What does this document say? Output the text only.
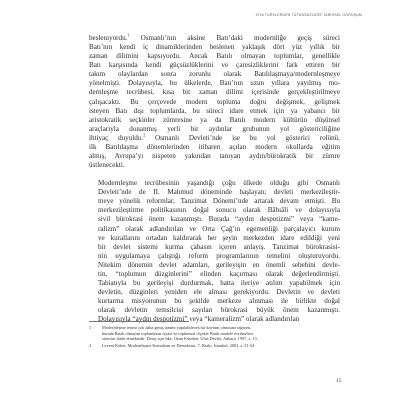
ZİYA TÜRKLERDEN TÜTÜNSÜZLÜĞE TARİHSEL GÖRÜŞÜM

beslenıyordu.$^1$ Osmanlı’nın aksine Batı’daki modernliğe geçiş süreci
Batı’nın kendi iç dinamiklerinden beslenen yaklaşık dört yüz yıllık bir
zaman dilimini kapsıyordu. Ancak Batılı olmayan toplumlar, genellikle
Batı karşısında kendi güçsüzlüklerini ve çaresizliklerini fark ettiren bir
takım olaylardan sonra zorunlu olarak Batılılaşmaya/modernleşmeye
yönelmişti. Dolayısıyla, bu ülkelerde, Batı’nın uzun yıllara yayılmış mo-
dernleşme tecrübesi, kısa bir zaman dilimi içerisinde gerçekleştirilmeye
çalışacaktı. Bu çerçevede modern topluma doğru değişmek, gelişmek
isteyen Batı dışı toplumlarda, bu süreci idare etmek için ya yabancı bir
aristokratik seçkinler zümresine ya da Batılı modern kültürün düşünsel
araçlarıyla donanmış yerli bir aydınlar grubunun yol göstericiliğine
ihtiyaç duyuldu.$^2$ Osmanlı Devleti’nde ise bu yol gösterici rolünü,
ilk Batılılaşma dönemlerinden itibaren açılan modern okullarda eğitim
almış, Avrupa’yı nispeten yakından tanıyan aydın/bürokratik bir zümre
üstlenecekti.

Modernleşme tecrübesinin yaşandığı çoğu ülkede olduğu gibi Osmanlı
Devleti’nde de II. Mahmud döneminde başlayan; devleti merkezileştir-
meye yönelik reformlar, Tanzimat Dönemi’nde artarak devam etmişti. Bu
merkezileştirme politikasının doğal sonucu olarak Bâbıâli ve dolayısıyla
sivil bürokrasi önem kazanmıştı. Burada “aydın despotizmi” veya “kame-
ralizm” olarak adlandırılan ve Orta Çağ’ın egemenliği parçalayıcı kurum
ve kurallarını ortadan kaldırarak her şeyin merkezden idare edildiği yeni
bir devlet sistemi kurma çabasın içeren anlayış. Tanzimat bürokrasisi-
nin uygulamaya çalıştığı reform programlarının temelini oluşturuyordu.
Nitekim dönemin devlet adamları, gerileyişin en önemli sebebini devle-
tin, “toplumun düzginlerini” elinden kaçırması olarak değerlendirmişti.
Tabiatıyla bu gerileyişi durdurmak, hatta ileriye atılım yapabilmek için
devletin, düzginleri yeniden ele alması gerekiyordu. Devletin ve devleti
kurtarma misyonunun bu şekilde merkeze alınması ile birlikte doğal
olarak devletin temsilcisi sayılan bürokrasi büyük önem kazanmıştı.
Dolayısıyla “aydın despotizmi” veya “kameralizm” olarak adlandırılan

1	Modernleşme terimi çok daha geniş tanımı yapılabilecek bir kavram olmasına rağmen,
burada Batılı olmayan toplumların siyasi ve toplumsal ölçekte Batılı modele evrilmeleri
sürecini ifade etmektedir. Detay için bkz. Ozan Erözden, Ulus Devlet, Ankara, 1997, s. 13.
2	Levent Köker, Modernleşme Kemalizm ve Demokrasi, 7. Baskı, İstanbul, 2003, s. 51-52.
15
